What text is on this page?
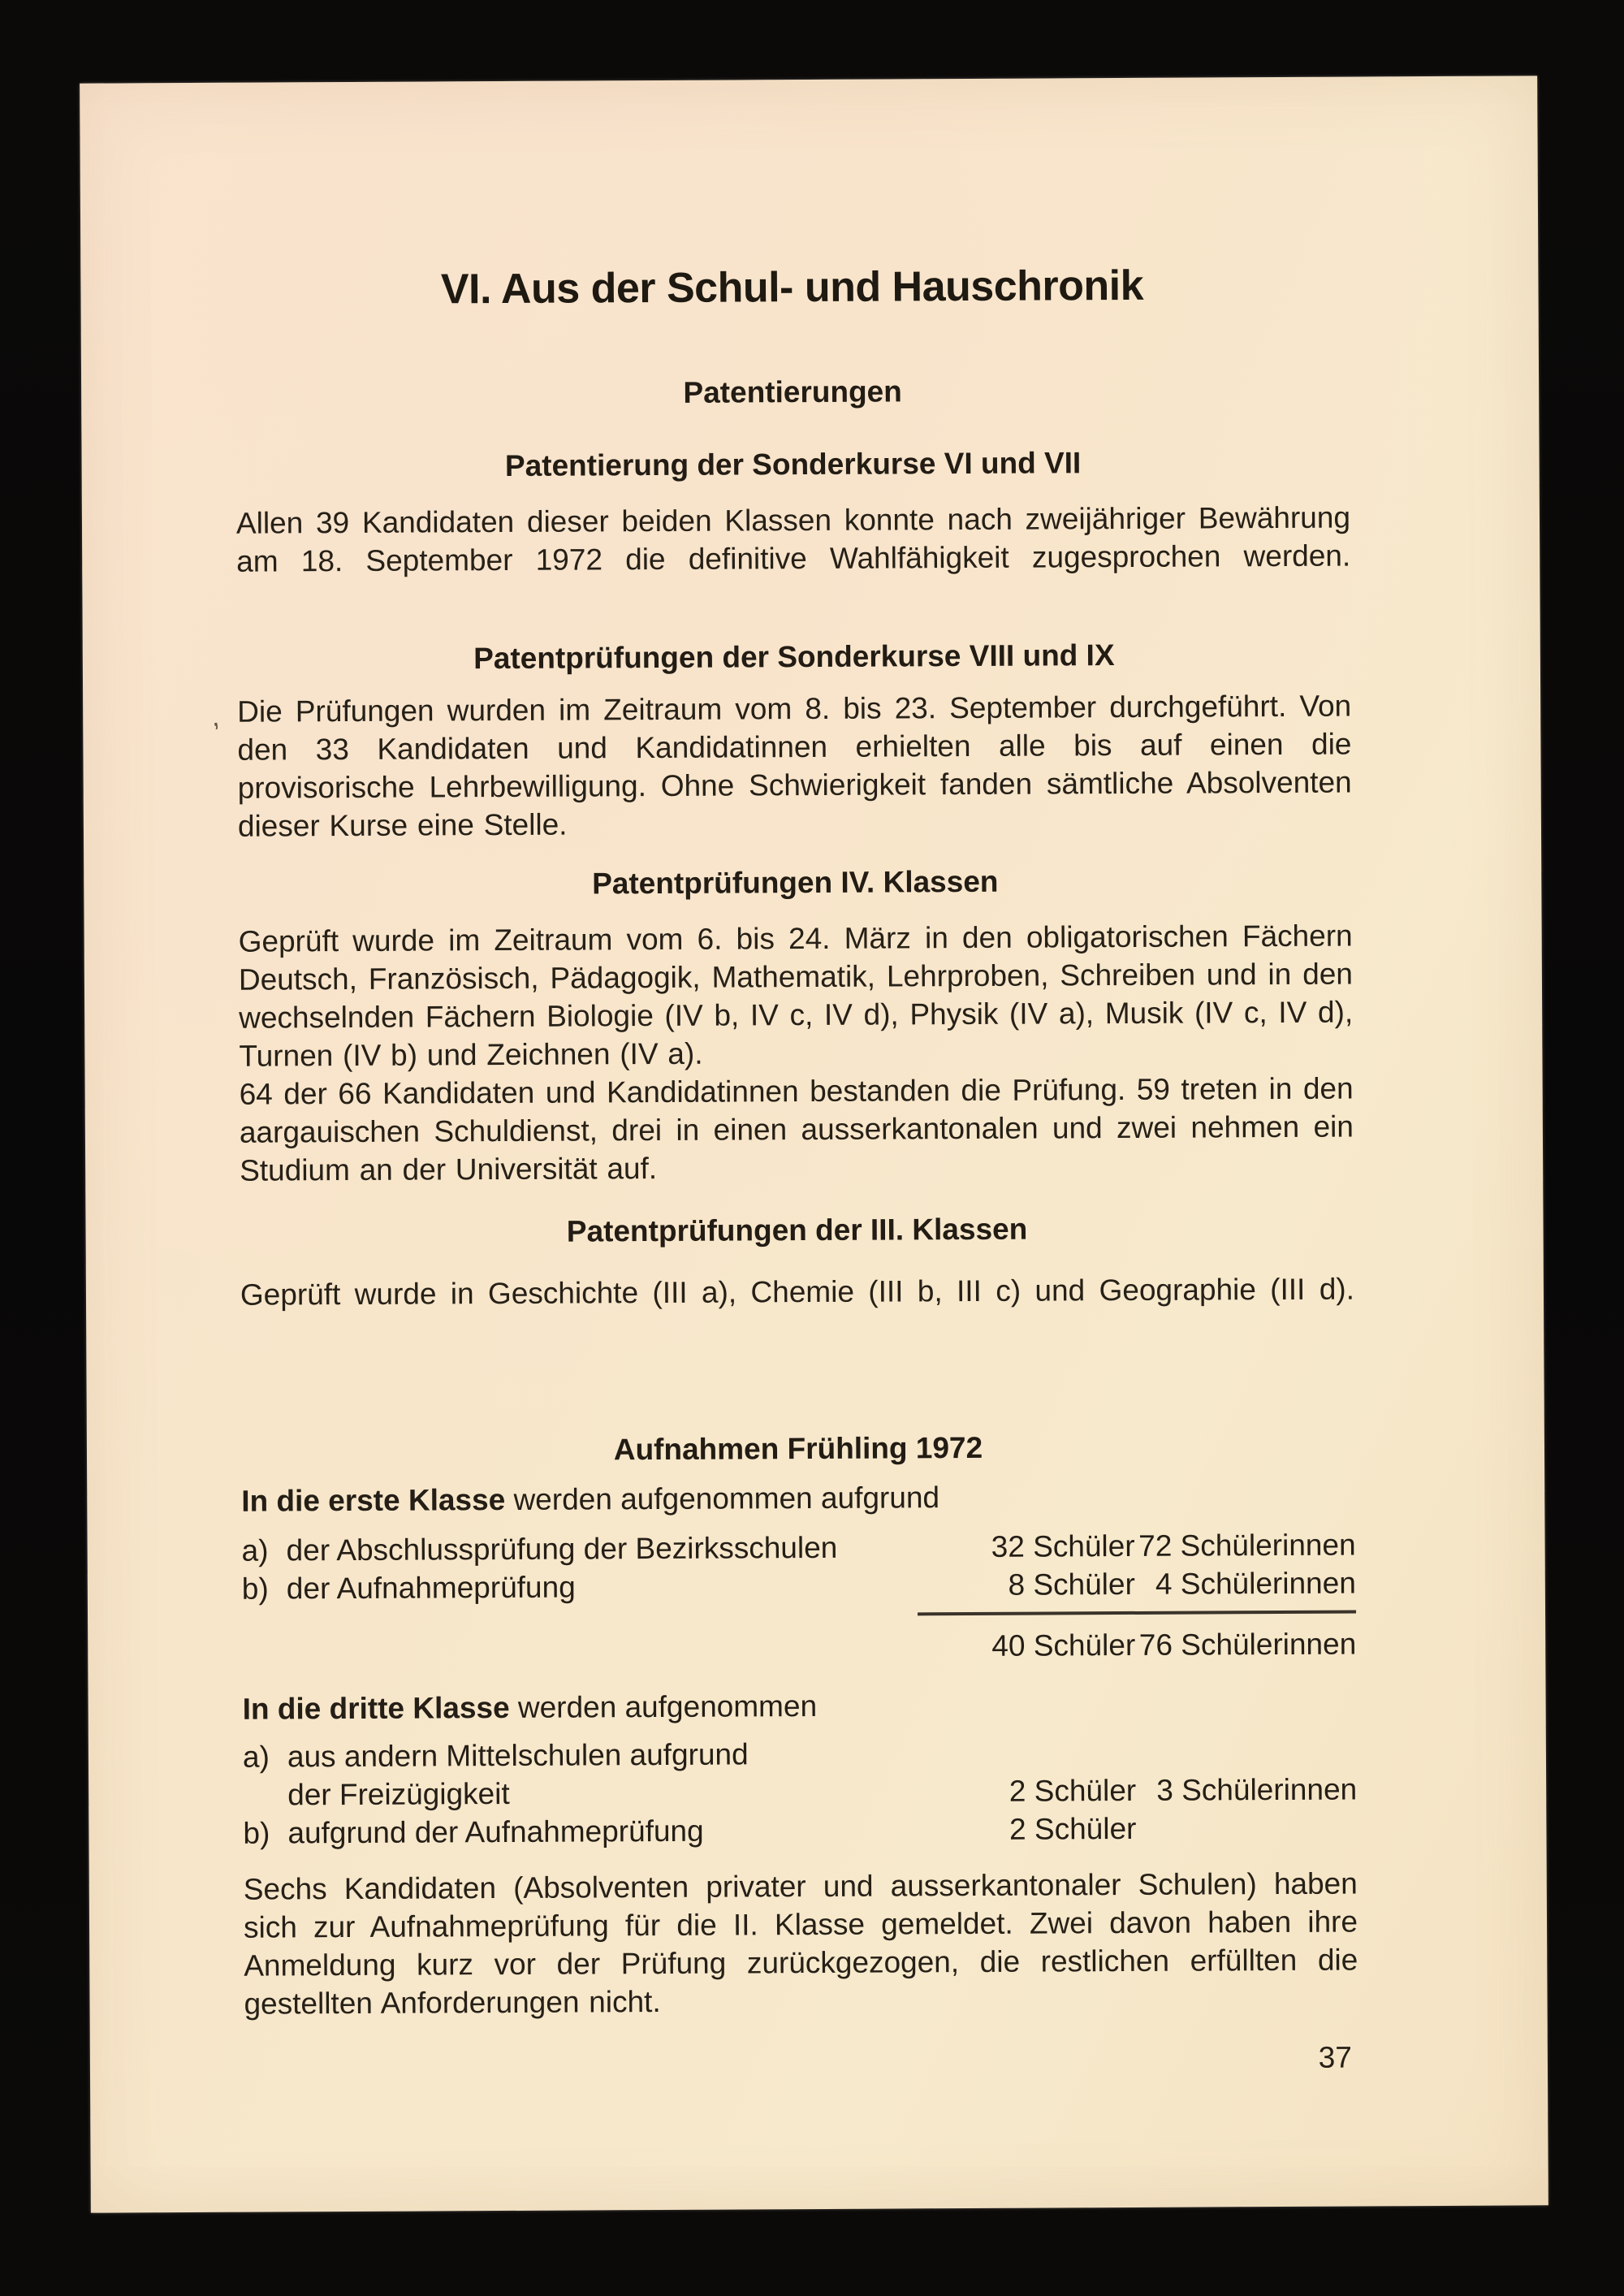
,
VI. Aus der Schul- und Hauschronik
Patentierungen
Patentierung der Sonderkurse VI und VII

Allen 39 Kandidaten dieser beiden Klassen konnte nach zweijähriger Bewährung am 18. September 1972 die definitive Wahlfähigkeit zugesprochen werden.

Patentprüfungen der Sonderkurse VIII und IX

Die Prüfungen wurden im Zeitraum vom 8. bis 23. September durchgeführt. Von den 33 Kandidaten und Kandidatinnen erhielten alle bis auf einen die provisorische Lehrbewilligung. Ohne Schwierigkeit fanden sämtliche Absolventen dieser Kurse eine Stelle.

Patentprüfungen IV. Klassen

Geprüft wurde im Zeitraum vom 6. bis 24. März in den obligatorischen Fächern Deutsch, Französisch, Pädagogik, Mathematik, Lehrproben, Schreiben und in den wechselnden Fächern Biologie (IV b, IV c, IV d), Physik (IV a), Musik (IV c, IV d), Turnen (IV b) und Zeichnen (IV a).

64 der 66 Kandidaten und Kandidatinnen bestanden die Prüfung. 59 treten in den aargauischen Schuldienst, drei in einen ausserkantonalen und zwei nehmen ein Studium an der Universität auf.

Patentprüfungen der III. Klassen

Geprüft wurde in Geschichte (III a), Chemie (III b, III c) und Geographie (III d).

Aufnahmen Frühling 1972

In die erste Klasse werden aufgenommen aufgrund

a) der Abschlussprüfung der Bezirksschulen	32 Schüler 72 Schülerinnen
b) der Aufnahmeprüfung	8 Schüler 4 Schülerinnen
40 Schüler 76 Schülerinnen

In die dritte Klasse werden aufgenommen

a) aus andern Mittelschulen aufgrund
der Freizügigkeit	2 Schüler 3 Schülerinnen
b) aufgrund der Aufnahmeprüfung	2 Schüler

Sechs Kandidaten (Absolventen privater und ausserkantonaler Schulen) haben sich zur Aufnahmeprüfung für die II. Klasse gemeldet. Zwei davon haben ihre Anmeldung kurz vor der Prüfung zurückgezogen, die restlichen erfüllten die gestellten Anforderungen nicht.

37
